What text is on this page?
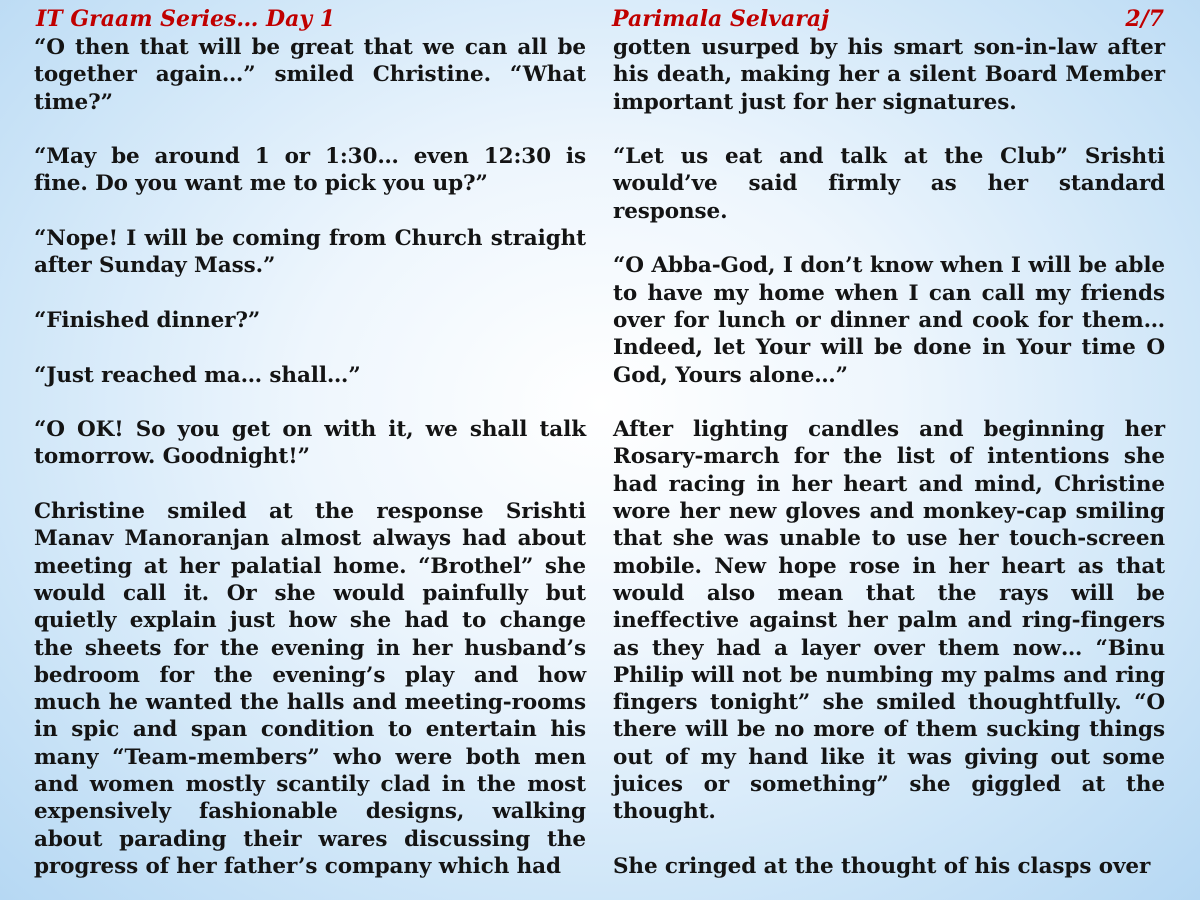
IT Graam Series… Day 1	Parimala Selvaraj	2/7

“O then that will be great that we can all be together again…” smiled Christine. “What time?”

“May be around 1 or 1:30… even 12:30 is fine. Do you want me to pick you up?”

“Nope! I will be coming from Church straight after Sunday Mass.”

“Finished dinner?”

“Just reached ma… shall…”

“O OK! So you get on with it, we shall talk tomorrow. Goodnight!”

Christine smiled at the response Srishti Manav Manoranjan almost always had about meeting at her palatial home. “Brothel” she would call it. Or she would painfully but quietly explain just how she had to change the sheets for the evening in her husband’s bedroom for the evening’s play and how much he wanted the halls and meeting-rooms in spic and span condition to entertain his many “Team-members” who were both men and women mostly scantily clad in the most expensively fashionable designs, walking about parading their wares discussing the progress of her father’s company which had

gotten usurped by his smart son-in-law after his death, making her a silent Board Member important just for her signatures.

“Let us eat and talk at the Club” Srishti would’ve said firmly as her standard response.

“O Abba-God, I don’t know when I will be able to have my home when I can call my friends over for lunch or dinner and cook for them… Indeed, let Your will be done in Your time O God, Yours alone…”

After lighting candles and beginning her Rosary-march for the list of intentions she had racing in her heart and mind, Christine wore her new gloves and monkey-cap smiling that she was unable to use her touch-screen mobile. New hope rose in her heart as that would also mean that the rays will be ineffective against her palm and ring-fingers as they had a layer over them now… “Binu Philip will not be numbing my palms and ring fingers tonight” she smiled thoughtfully. “O there will be no more of them sucking things out of my hand like it was giving out some juices or something” she giggled at the thought.

She cringed at the thought of his clasps over
